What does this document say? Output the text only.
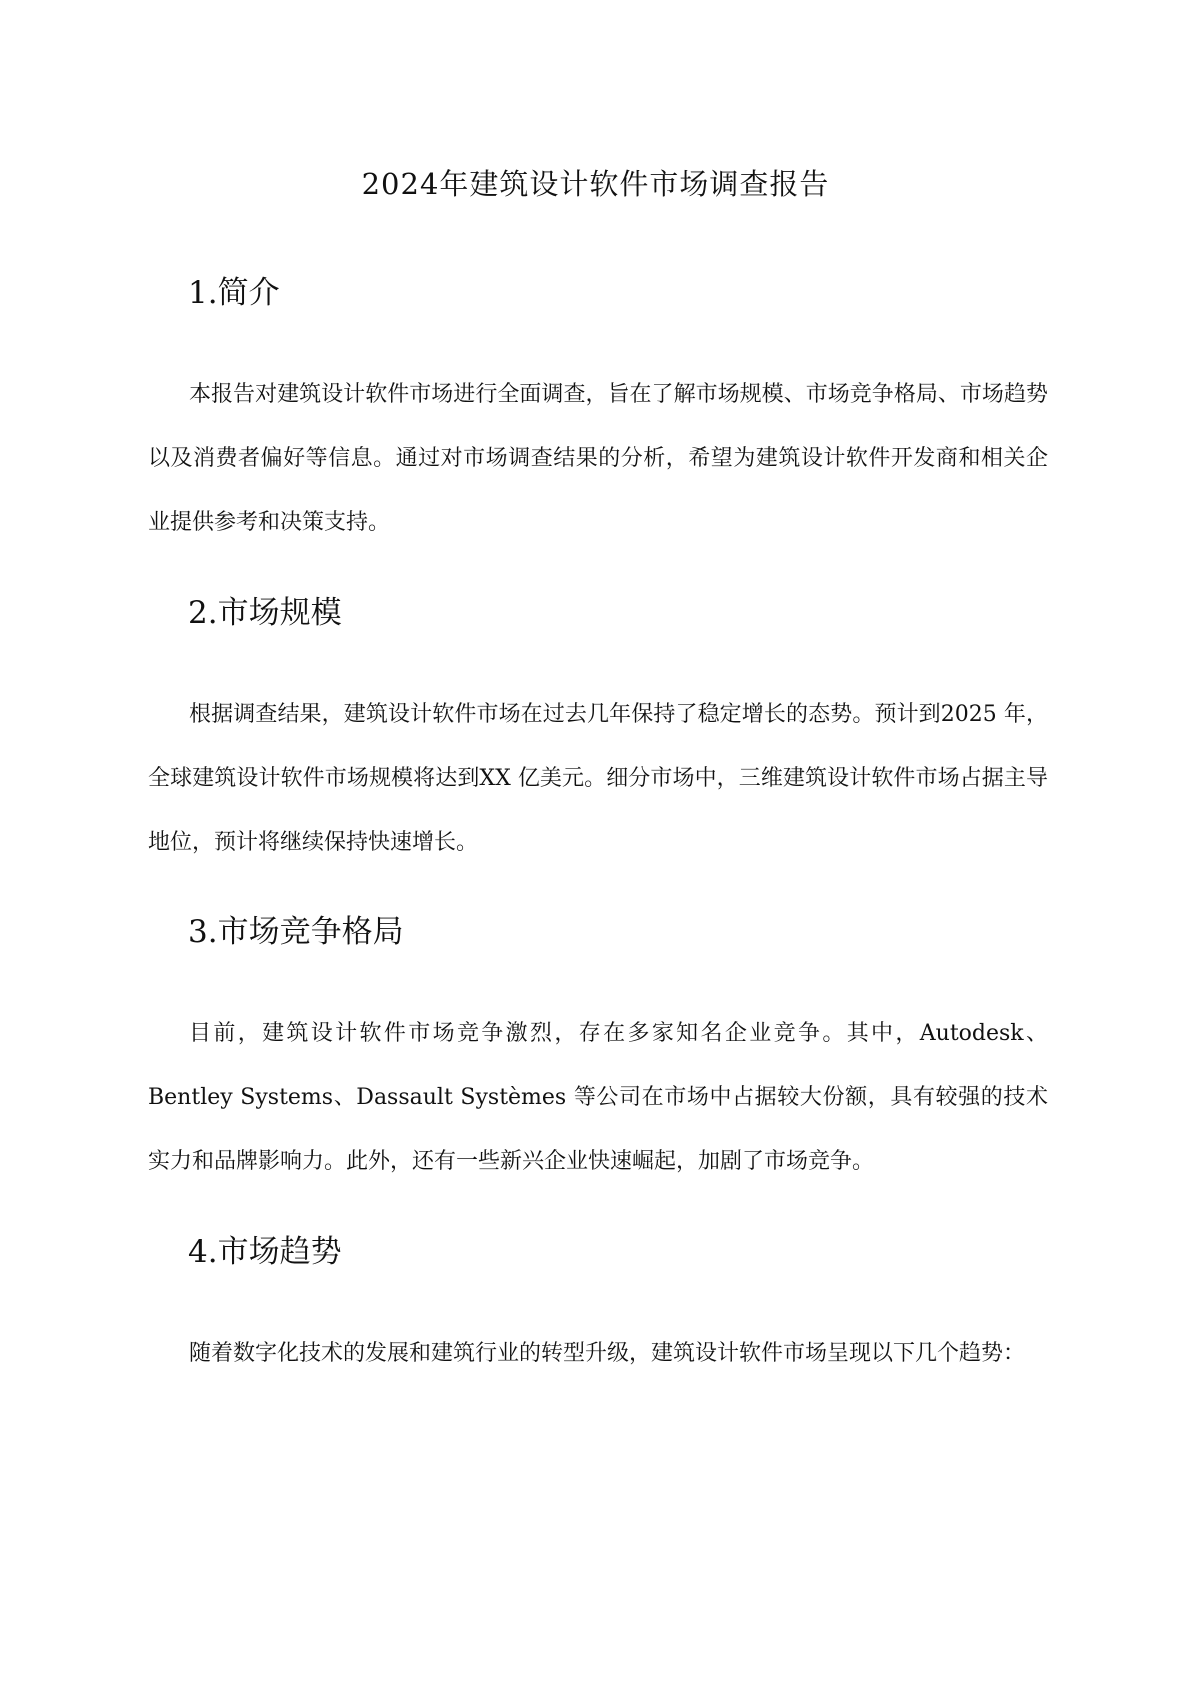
2024年建筑设计软件市场调查报告
1.简介

本报告对建筑设计软件市场进行全面调查，旨在了解市场规模、市场竞争格局、市场趋势以及消费者偏好等信息。通过对市场调查结果的分析，希望为建筑设计软件开发商和相关企业提供参考和决策支持。

2.市场规模

根据调查结果，建筑设计软件市场在过去几年保持了稳定增长的态势。预计到2025 年，全球建筑设计软件市场规模将达到XX 亿美元。细分市场中，三维建筑设计软件市场占据主导地位，预计将继续保持快速增长。

3.市场竞争格局

目前，建筑设计软件市场竞争激烈，存在多家知名企业竞争。其中，Autodesk、Bentley Systems、Dassault Systèmes 等公司在市场中占据较大份额，具有较强的技术实力和品牌影响力。此外，还有一些新兴企业快速崛起，加剧了市场竞争。

4.市场趋势

随着数字化技术的发展和建筑行业的转型升级，建筑设计软件市场呈现以下几个趋势：
